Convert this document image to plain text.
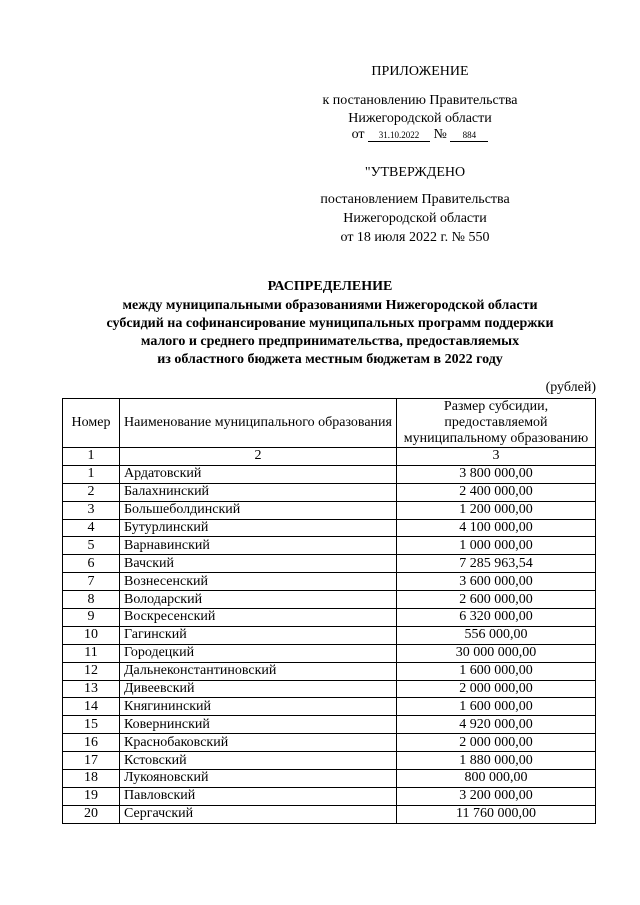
ПРИЛОЖЕНИЕ
к постановлению Правительства
Нижегородской области
от 31.10.2022 № 884
"УТВЕРЖДЕНО
постановлением Правительства
Нижегородской области
от 18 июля 2022 г. № 550
РАСПРЕДЕЛЕНИЕ
между муниципальными образованиями Нижегородской области
субсидий на софинансирование муниципальных программ поддержки
малого и среднего предпринимательства, предоставляемых
из областного бюджета местным бюджетам в 2022 году
(рублей)
Номер	Наименование муниципального образования	Размер субсидии, предоставляемой муниципальному образованию
1	2	3
1	Ардатовский	3 800 000,00
2	Балахнинский	2 400 000,00
3	Большеболдинский	1 200 000,00
4	Бутурлинский	4 100 000,00
5	Варнавинский	1 000 000,00
6	Вачский	7 285 963,54
7	Вознесенский	3 600 000,00
8	Володарский	2 600 000,00
9	Воскресенский	6 320 000,00
10	Гагинский	556 000,00
11	Городецкий	30 000 000,00
12	Дальнеконстантиновский	1 600 000,00
13	Дивеевский	2 000 000,00
14	Княгининский	1 600 000,00
15	Ковернинский	4 920 000,00
16	Краснобаковский	2 000 000,00
17	Кстовский	1 880 000,00
18	Лукояновский	800 000,00
19	Павловский	3 200 000,00
20	Сергачский	11 760 000,00
